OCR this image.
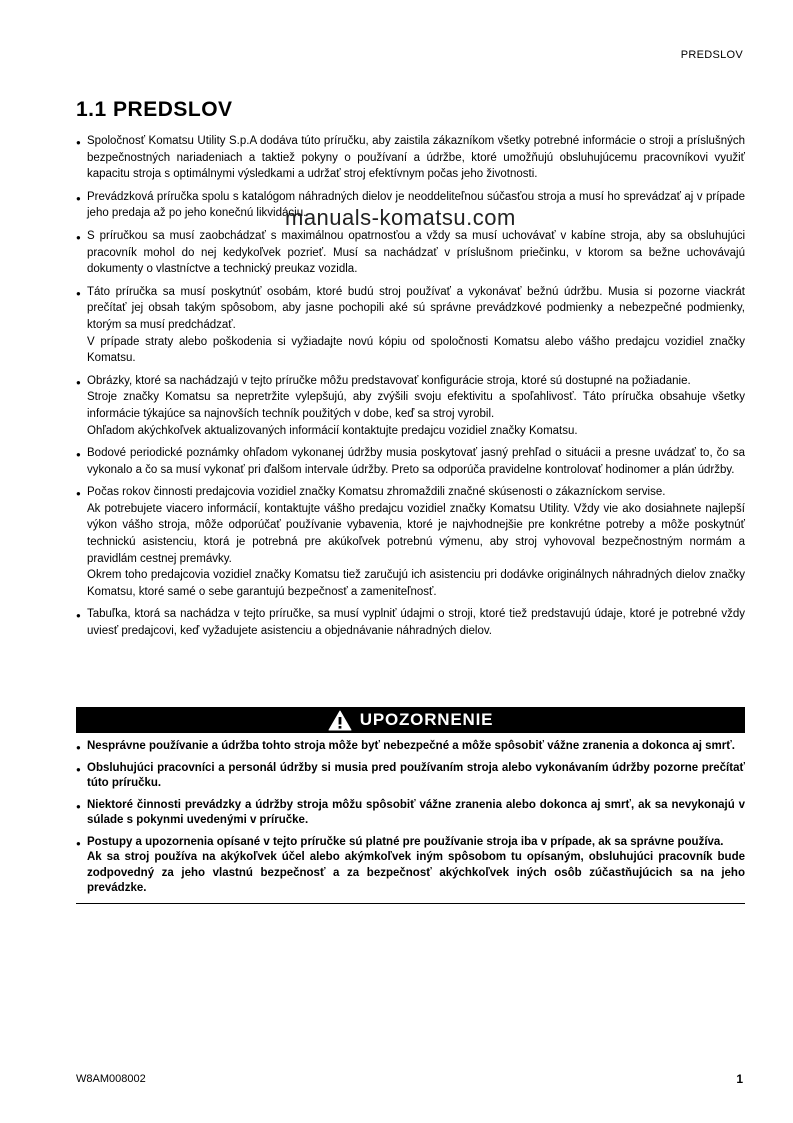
PREDSLOV
1.1 PREDSLOV
● Spoločnosť Komatsu Utility S.p.A dodáva túto príručku, aby zaistila zákazníkom všetky potrebné informácie o stroji a príslušných bezpečnostných nariadeniach a taktiež pokyny o používaní a údržbe, ktoré umožňujú obsluhujúcemu pracovníkovi využiť kapacitu stroja s optimálnymi výsledkami a udržať stroj efektívnym počas jeho životnosti.
● Prevádzková príručka spolu s katalógom náhradných dielov je neoddeliteľnou súčasťou stroja a musí ho sprevádzať aj v prípade jeho predaja až po jeho konečnú likvidáciu.
● S príručkou sa musí zaobchádzať s maximálnou opatrnosťou a vždy sa musí uchovávať v kabíne stroja, aby sa obsluhujúci pracovník mohol do nej kedykoľvek pozrieť. Musí sa nachádzať v príslušnom priečinku, v ktorom sa bežne uchovávajú dokumenty o vlastníctve a technický preukaz vozidla.
● Táto príručka sa musí poskytnúť osobám, ktoré budú stroj používať a vykonávať bežnú údržbu. Musia si pozorne viackrát prečítať jej obsah takým spôsobom, aby jasne pochopili aké sú správne prevádzkové podmienky a nebezpečné podmienky, ktorým sa musí predchádzať.
V prípade straty alebo poškodenia si vyžiadajte novú kópiu od spoločnosti Komatsu alebo vášho predajcu vozidiel značky Komatsu.
● Obrázky, ktoré sa nachádzajú v tejto príručke môžu predstavovať konfigurácie stroja, ktoré sú dostupné na požiadanie.
Stroje značky Komatsu sa nepretržite vylepšujú, aby zvýšili svoju efektivitu a spoľahlivosť. Táto príručka obsahuje všetky informácie týkajúce sa najnovších techník použitých v dobe, keď sa stroj vyrobil.
Ohľadom akýchkoľvek aktualizovaných informácií kontaktujte predajcu vozidiel značky Komatsu.
● Bodové periodické poznámky ohľadom vykonanej údržby musia poskytovať jasný prehľad o situácii a presne uvádzať to, čo sa vykonalo a čo sa musí vykonať pri ďalšom intervale údržby. Preto sa odporúča pravidelne kontrolovať hodinomer a plán údržby.
● Počas rokov činnosti predajcovia vozidiel značky Komatsu zhromaždili značné skúsenosti o zákazníckom servise.
Ak potrebujete viacero informácií, kontaktujte vášho predajcu vozidiel značky Komatsu Utility. Vždy vie ako dosiahnete najlepší výkon vášho stroja, môže odporúčať používanie vybavenia, ktoré je najvhodnejšie pre konkrétne potreby a môže poskytnúť technickú asistenciu, ktorá je potrebná pre akúkoľvek potrebnú výmenu, aby stroj vyhovoval bezpečnostným normám a pravidlám cestnej premávky.
Okrem toho predajcovia vozidiel značky Komatsu tiež zaručujú ich asistenciu pri dodávke originálnych náhradných dielov značky Komatsu, ktoré samé o sebe garantujú bezpečnosť a zameniteľnosť.
● Tabuľka, ktorá sa nachádza v tejto príručke, sa musí vyplniť údajmi o stroji, ktoré tiež predstavujú údaje, ktoré je potrebné vždy uviesť predajcovi, keď vyžadujete asistenciu a objednávanie náhradných dielov.
manuals-komatsu.com
UPOZORNENIE
● Nesprávne používanie a údržba tohto stroja môže byť nebezpečné a môže spôsobiť vážne zranenia a dokonca aj smrť.
● Obsluhujúci pracovníci a personál údržby si musia pred používaním stroja alebo vykonávaním údržby pozorne prečítať túto príručku.
● Niektoré činnosti prevádzky a údržby stroja môžu spôsobiť vážne zranenia alebo dokonca aj smrť, ak sa nevykonajú v súlade s pokynmi uvedenými v príručke.
● Postupy a upozornenia opísané v tejto príručke sú platné pre používanie stroja iba v prípade, ak sa správne používa.
Ak sa stroj používa na akýkoľvek účel alebo akýmkoľvek iným spôsobom tu opísaným, obsluhujúci pracovník bude zodpovedný za jeho vlastnú bezpečnosť a za bezpečnosť akýchkoľvek iných osôb zúčastňujúcich sa na jeho prevádzke.
W8AM008002	1
